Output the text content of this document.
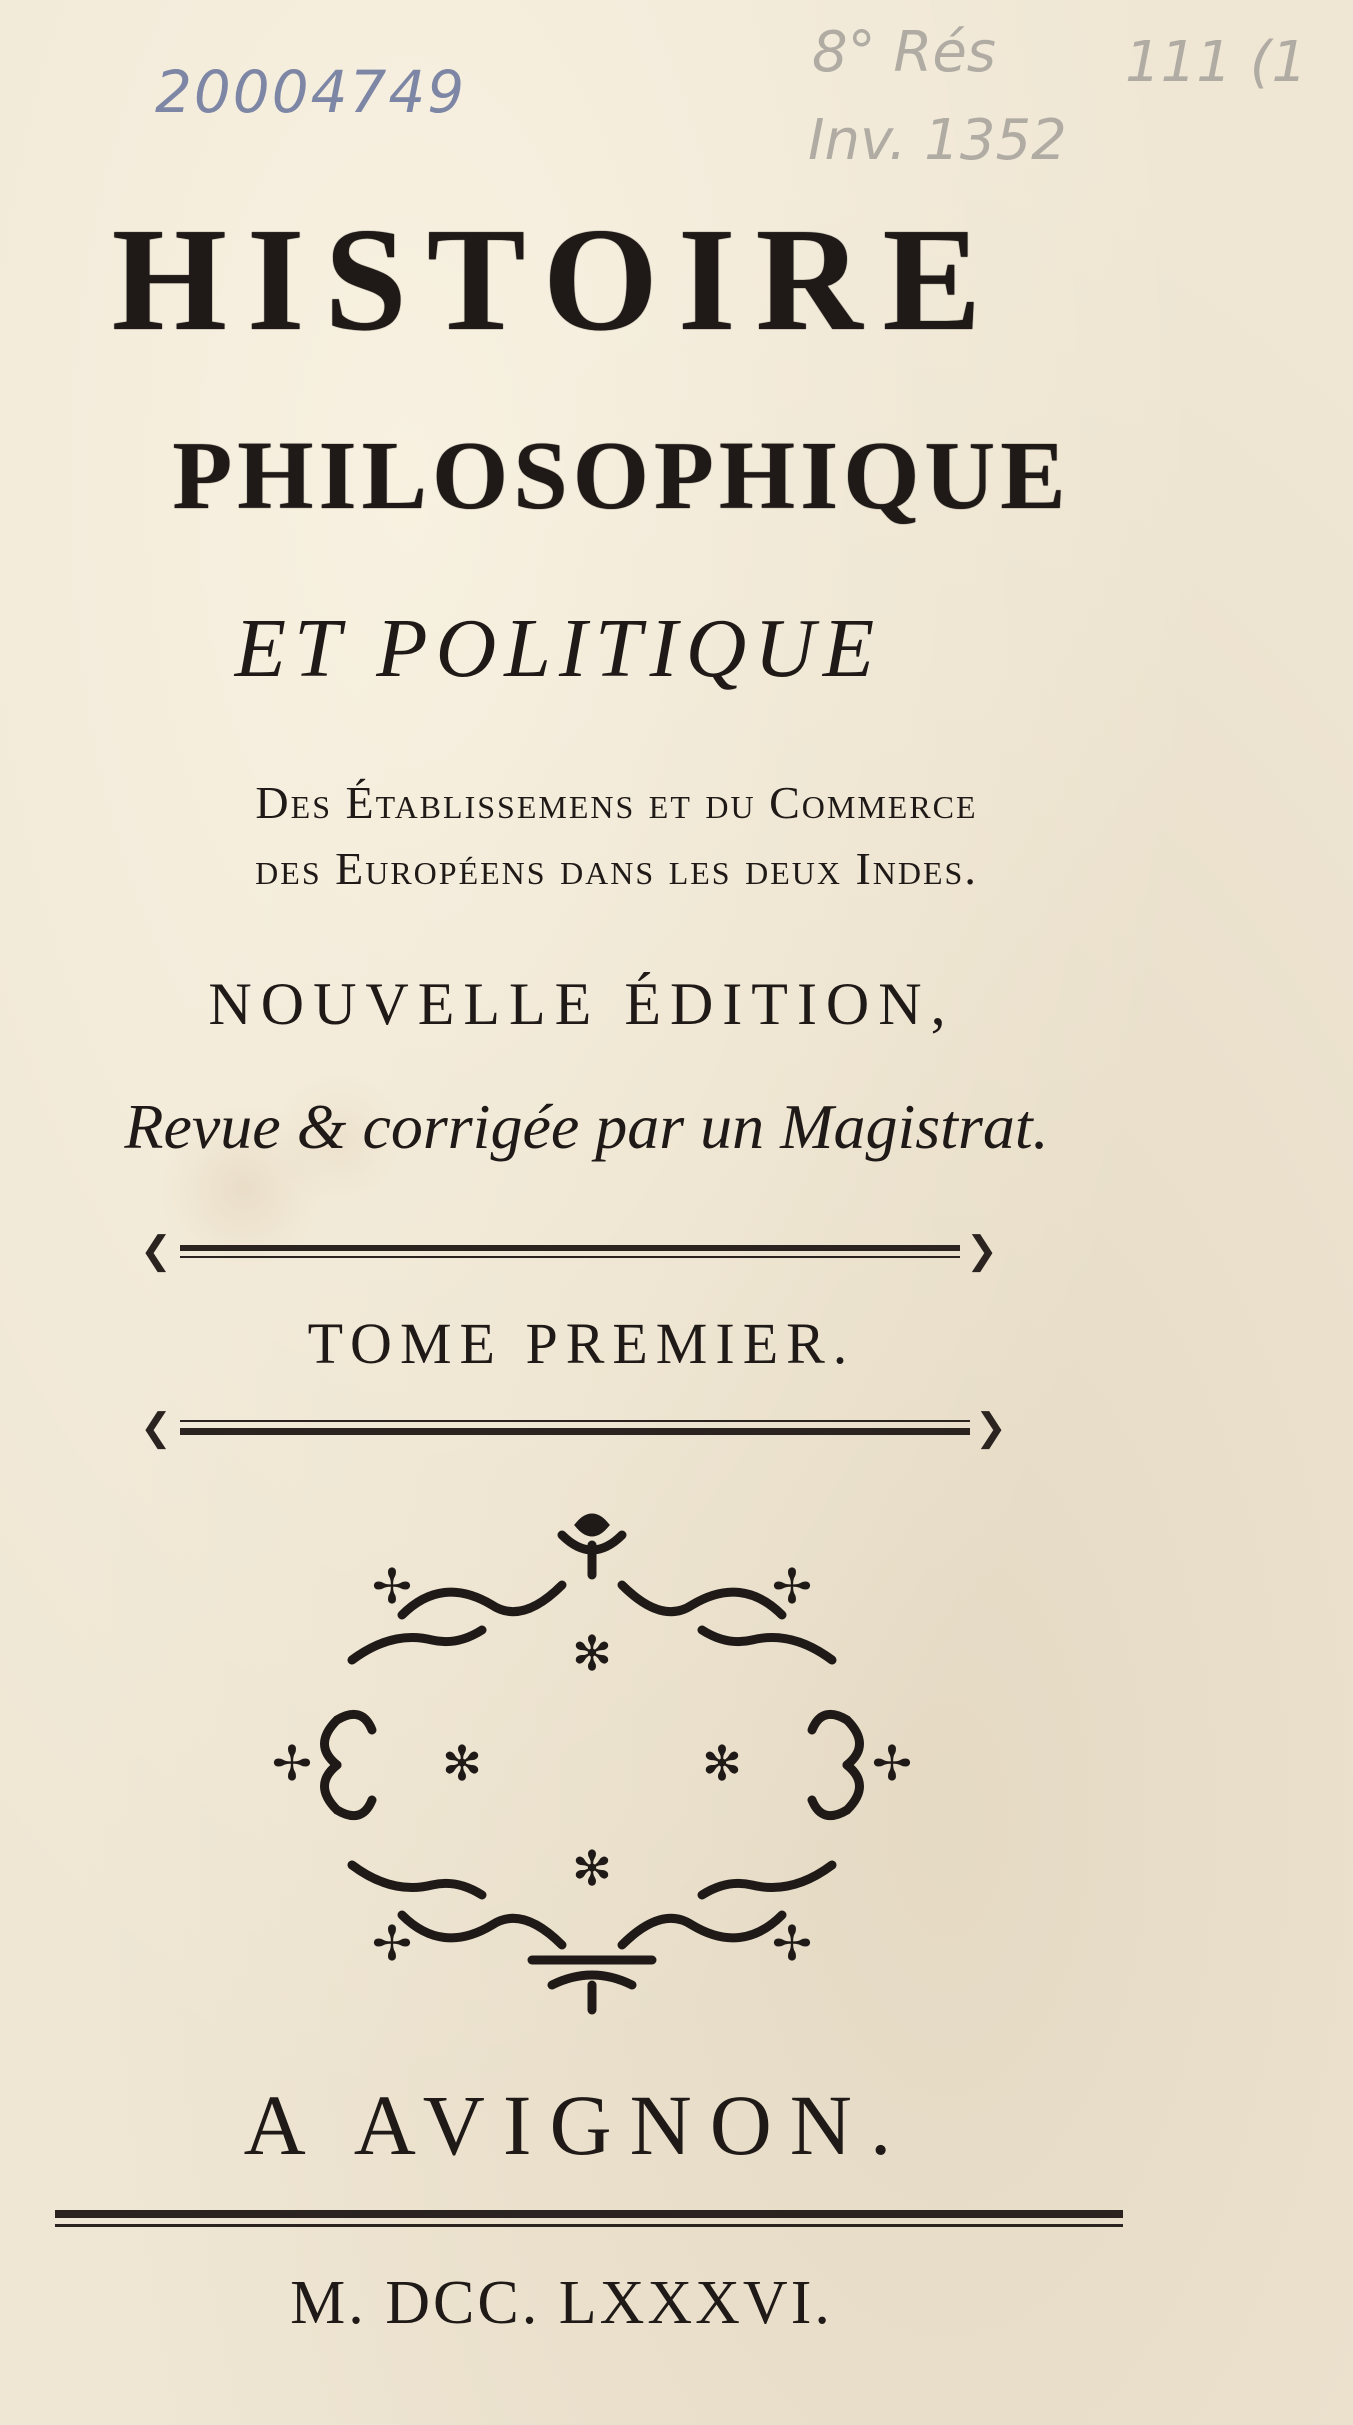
20004749
8° Rés 111 (1
Inv. 1352
HISTOIRE
PHILOSOPHIQUE
ET POLITIQUE
Des Établissemens et du Commerce
des Européens dans les deux Indes.
NOUVELLE ÉDITION,
Revue & corrigée par un Magistrat.
❮	❯
TOME PREMIER.
❮	❯
✻
✻	✻
✻
✢	✢
✢	✢
✢	✢
A AVIGNON.
M. DCC. LXXXVI.
